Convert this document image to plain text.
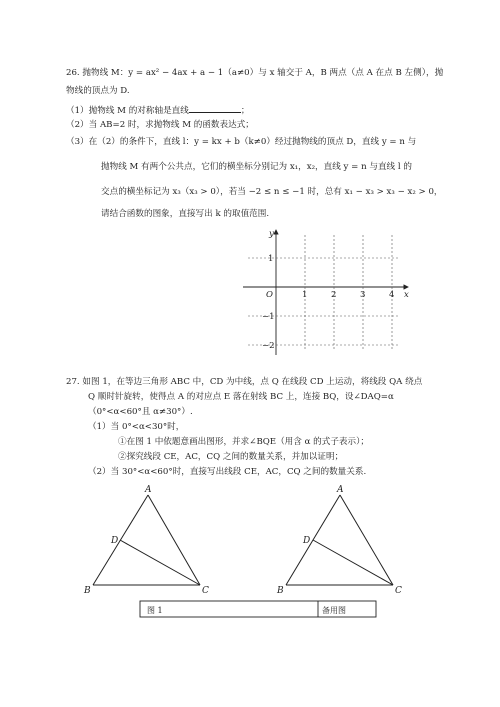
26. 抛物线 M：y = ax² − 4ax + a − 1（a≠0）与 x 轴交于 A，B 两点（点 A 在点 B 左侧），抛
物线的顶点为 D.
（1）抛物线 M 的对称轴是直线	；
（2）当 AB=2 时，求抛物线 M 的函数表达式；
（3）在（2）的条件下，直线 l：y = kx + b（k≠0）经过抛物线的顶点 D，直线 y = n 与
抛物线 M 有两个公共点，它们的横坐标分别记为 x₁，x₂，直线 y = n 与直线 l 的
交点的横坐标记为 x₃（x₃ > 0），若当 −2 ≤ n ≤ −1 时，总有 x₁ − x₃ > x₃ − x₂ > 0，
请结合函数的图象，直接写出 k 的取值范围.
y
x
O	1	2	3	4
1
−1
−2
27. 如图 1，在等边三角形 ABC 中，CD 为中线，点 Q 在线段 CD 上运动，将线段 QA 绕点
Q 顺时针旋转，使得点 A 的对应点 E 落在射线 BC 上，连接 BQ，设∠DAQ=α
（0°<α<60°且 α≠30°）.
（1）当 0°<α<30°时，
①在图 1 中依题意画出图形，并求∠BQE（用含 α 的式子表示）；
②探究线段 CE，AC，CQ 之间的数量关系，并加以证明；
（2）当 30°<α<60°时，直接写出线段 CE，AC，CQ 之间的数量关系.
A
D
B	C
A
D
B	C
图 1	备用图
